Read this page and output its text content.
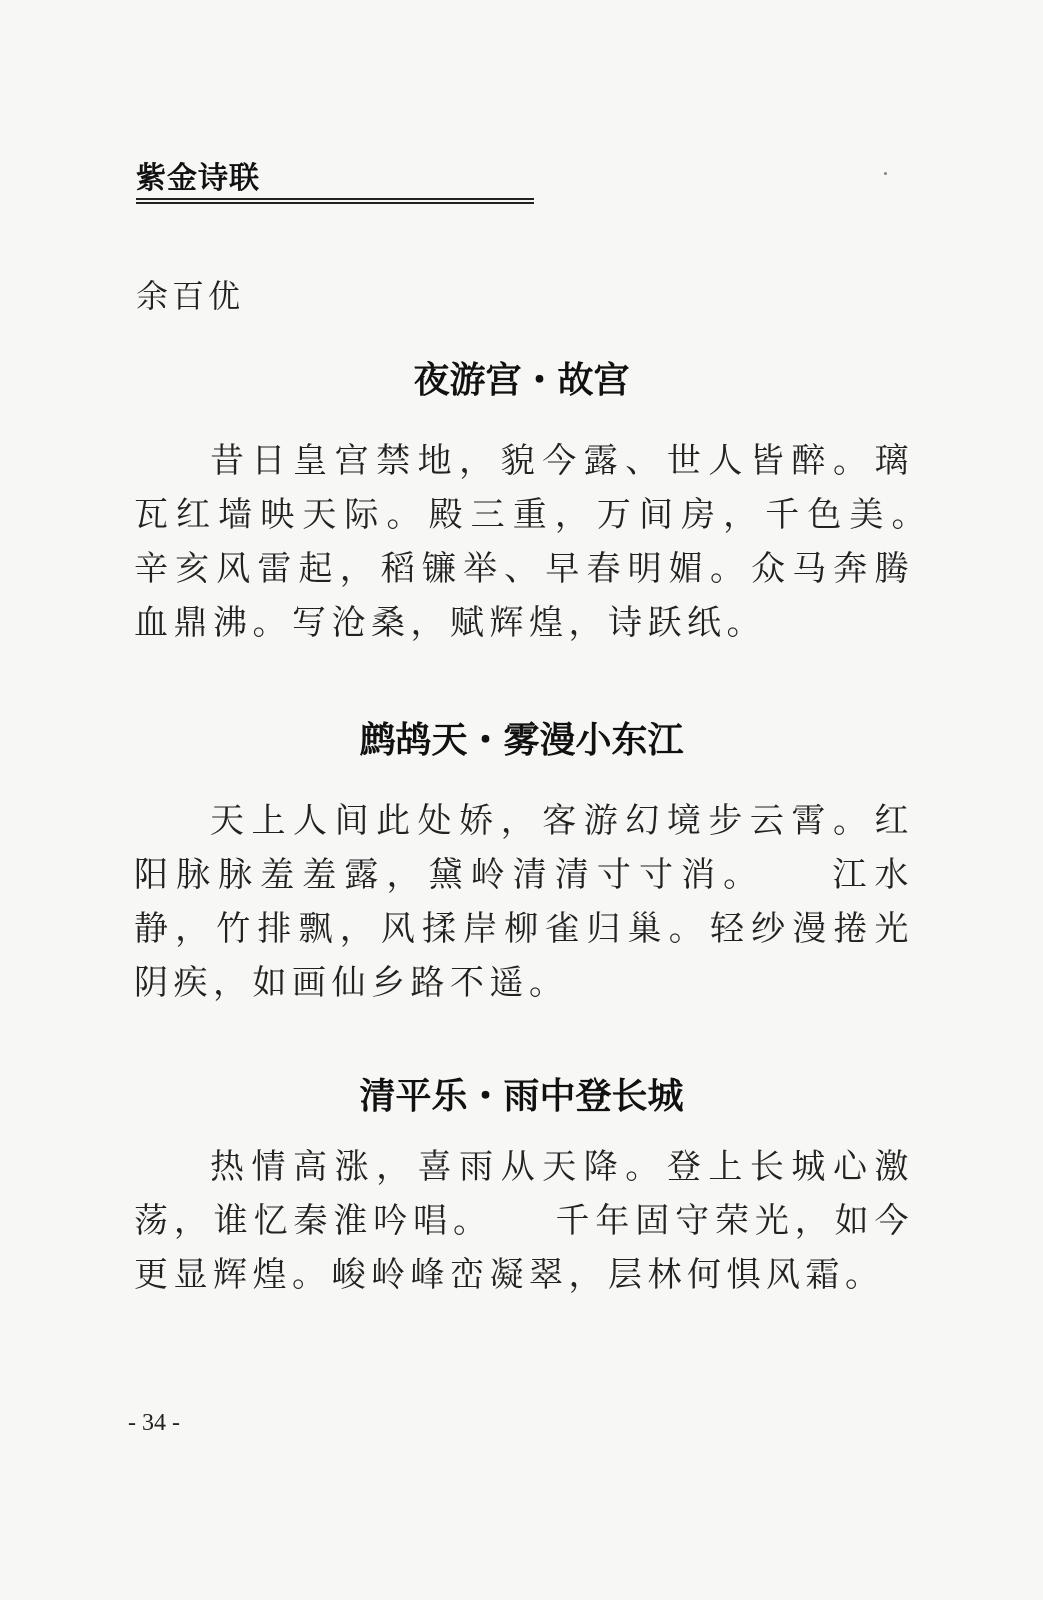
紫金诗联
余百优
夜游宫・故宫
昔日皇宫禁地，貌今露、世人皆醉。璃瓦红墙映天际。殿三重，万间房，千色美。　　辛亥风雷起，稻镰举、早春明媚。众马奔腾血鼎沸。写沧桑，赋辉煌，诗跃纸。
鹧鸪天・雾漫小东江
天上人间此处娇，客游幻境步云霄。红阳脉脉羞羞露，黛岭清清寸寸消。　　江水静，竹排飘，风揉岸柳雀归巢。轻纱漫捲光阴疾，如画仙乡路不遥。
清平乐・雨中登长城
热情高涨，喜雨从天降。登上长城心激荡，谁忆秦淮吟唱。　　千年固守荣光，如今更显辉煌。峻岭峰峦凝翠，层林何惧风霜。
- 34 -
